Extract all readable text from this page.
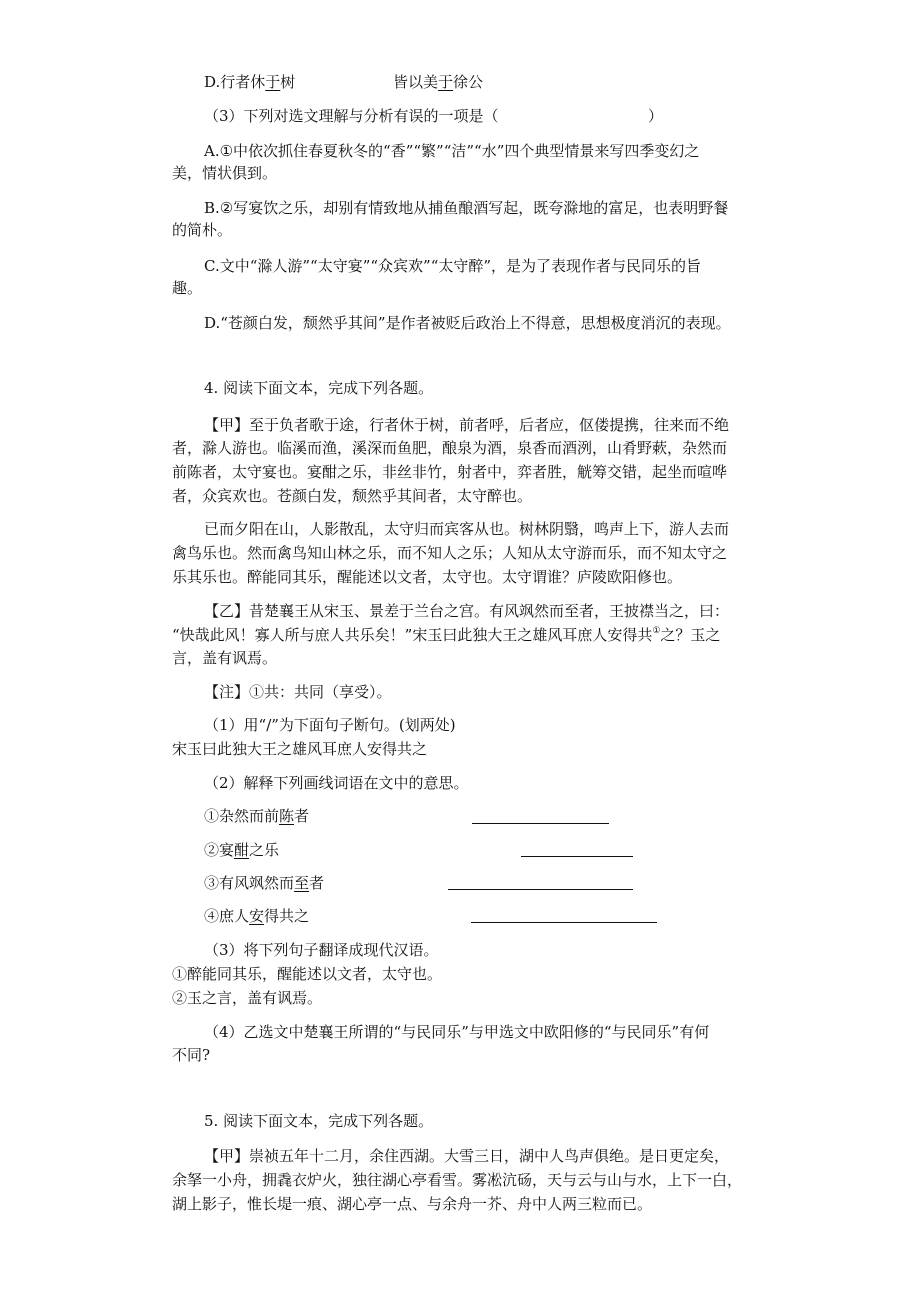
D.行者休于树	皆以美于徐公
（3）下列对选文理解与分析有误的一项是（	）
A.①中依次抓住春夏秋冬的“香”“繁”“洁”“水”四个典型情景来写四季变幻之
美，情状俱到。
B.②写宴饮之乐，却别有情致地从捕鱼酿酒写起，既夸滁地的富足，也表明野餐
的简朴。
C.文中“滁人游”“太守宴”“众宾欢”“太守醉”，是为了表现作者与民同乐的旨
趣。
D.“苍颜白发，颓然乎其间”是作者被贬后政治上不得意，思想极度消沉的表现。
4. 阅读下面文本，完成下列各题。
【甲】至于负者歌于途，行者休于树，前者呼，后者应，伛偻提携，往来而不绝
者，滁人游也。临溪而渔，溪深而鱼肥，酿泉为酒，泉香而酒洌，山肴野蔌，杂然而
前陈者，太守宴也。宴酣之乐，非丝非竹，射者中，弈者胜，觥筹交错，起坐而喧哗
者，众宾欢也。苍颜白发，颓然乎其间者，太守醉也。
已而夕阳在山，人影散乱，太守归而宾客从也。树林阴翳，鸣声上下，游人去而
禽鸟乐也。然而禽鸟知山林之乐，而不知人之乐；人知从太守游而乐，而不知太守之
乐其乐也。醉能同其乐，醒能述以文者，太守也。太守谓谁？庐陵欧阳修也。
【乙】昔楚襄王从宋玉、景差于兰台之宫。有风飒然而至者，王披襟当之，曰：
“快哉此风！寡人所与庶人共乐矣！”宋玉曰此独大王之雄风耳庶人安得共①之？玉之
言，盖有讽焉。
【注】①共：共同（享受）。
（1）用“/”为下面句子断句。(划两处)
宋玉曰此独大王之雄风耳庶人安得共之
（2）解释下列画线词语在文中的意思。
①杂然而前陈者
②宴酣之乐
③有风飒然而至者
④庶人安得共之
（3）将下列句子翻译成现代汉语。
①醉能同其乐，醒能述以文者，太守也。
②玉之言，盖有讽焉。
（4）乙选文中楚襄王所谓的“与民同乐”与甲选文中欧阳修的“与民同乐”有何
不同?
5. 阅读下面文本，完成下列各题。
【甲】崇祯五年十二月，余住西湖。大雪三日，湖中人鸟声俱绝。是日更定矣，
余拏一小舟，拥毳衣炉火，独往湖心亭看雪。雾凇沆砀，天与云与山与水，上下一白，
湖上影子，惟长堤一痕、湖心亭一点、与余舟一芥、舟中人两三粒而已。
